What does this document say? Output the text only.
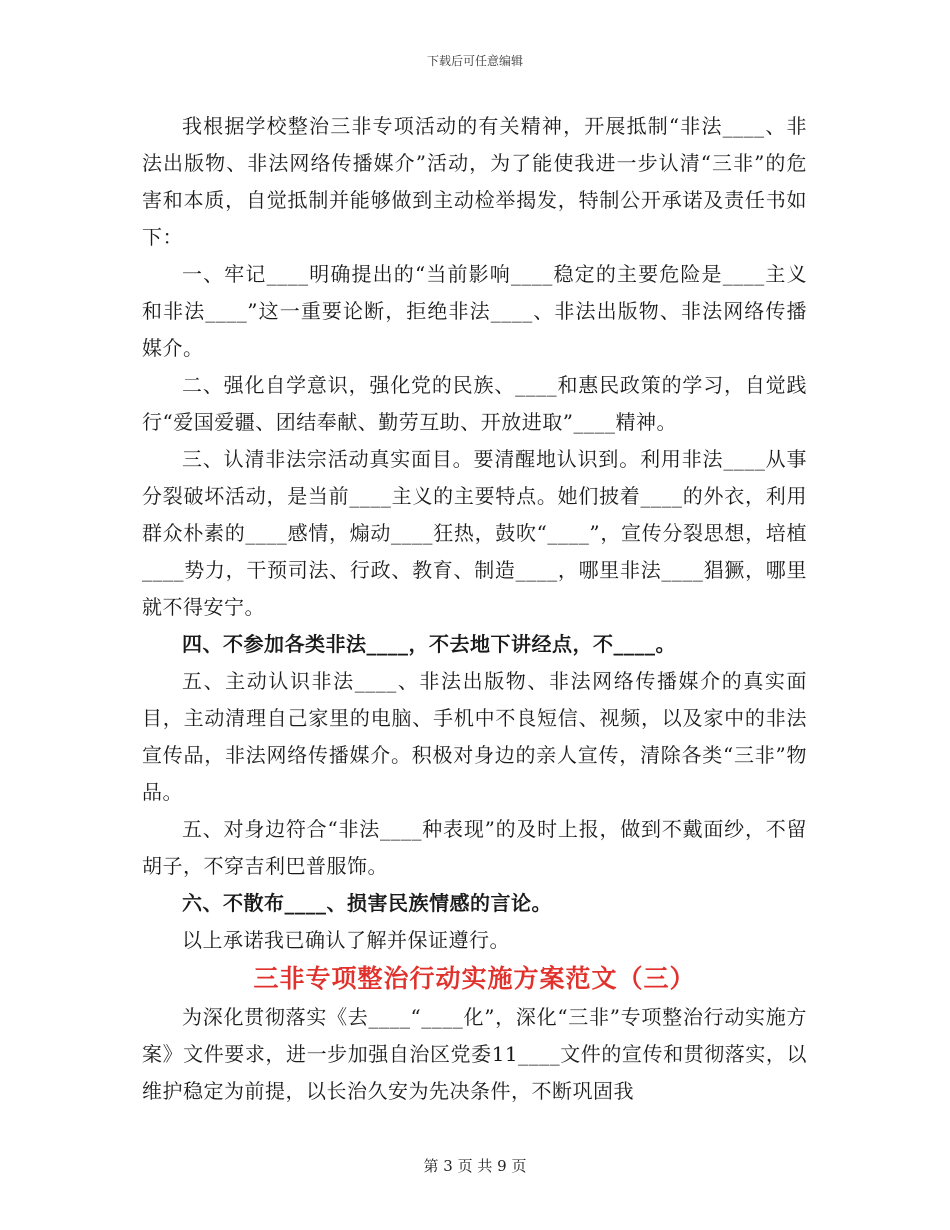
下载后可任意编辑

我根据学校整治三非专项活动的有关精神，开展抵制“非法____、非法出版物、非法网络传播媒介”活动，为了能使我进一步认清“三非”的危害和本质，自觉抵制并能够做到主动检举揭发，特制公开承诺及责任书如下：

一、牢记____明确提出的“当前影响____稳定的主要危险是____主义和非法____”这一重要论断，拒绝非法____、非法出版物、非法网络传播媒介。

二、强化自学意识，强化党的民族、____和惠民政策的学习，自觉践行“爱国爱疆、团结奉献、勤劳互助、开放进取”____精神。

三、认清非法宗活动真实面目。要清醒地认识到。利用非法____从事分裂破坏活动，是当前____主义的主要特点。她们披着____的外衣，利用群众朴素的____感情，煽动____狂热，鼓吹“____”，宣传分裂思想，培植____势力，干预司法、行政、教育、制造____，哪里非法____猖獗，哪里就不得安宁。

四、不参加各类非法____，不去地下讲经点，不____。

五、主动认识非法____、非法出版物、非法网络传播媒介的真实面目，主动清理自己家里的电脑、手机中不良短信、视频，以及家中的非法宣传品，非法网络传播媒介。积极对身边的亲人宣传，清除各类“三非”物品。

五、对身边符合“非法____种表现”的及时上报，做到不戴面纱，不留胡子，不穿吉利巴普服饰。

六、不散布____、损害民族情感的言论。

以上承诺我已确认了解并保证遵行。

三非专项整治行动实施方案范文（三）

为深化贯彻落实《去____“____化”，深化“三非”专项整治行动实施方案》文件要求，进一步加强自治区党委11____文件的宣传和贯彻落实，以维护稳定为前提，以长治久安为先决条件，不断巩固我

第 3 页 共 9 页
